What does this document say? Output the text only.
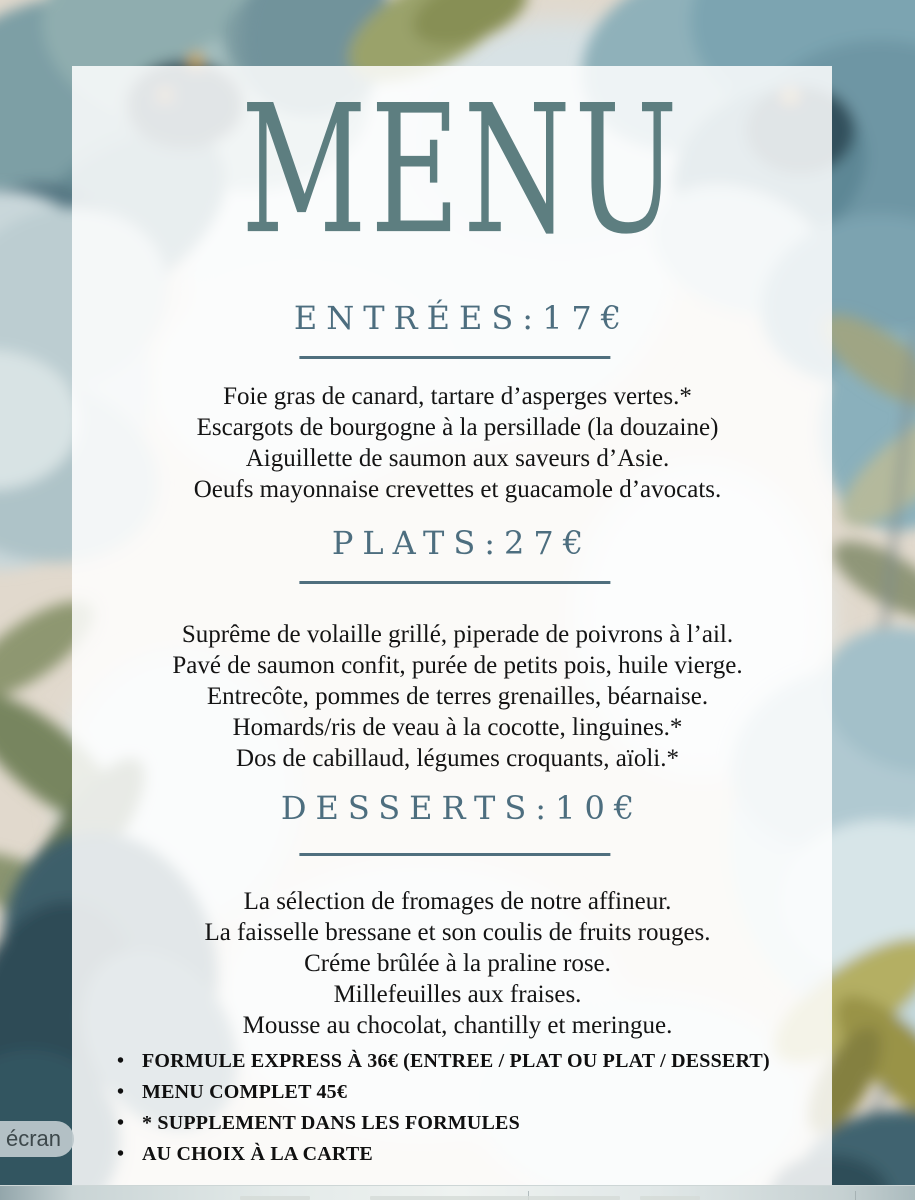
MENU
ENTRÉES:17€
Foie gras de canard, tartare d’asperges vertes.*
Escargots de bourgogne à la persillade (la douzaine)
Aiguillette de saumon aux saveurs d’Asie.
Oeufs mayonnaise crevettes et guacamole d’avocats.
PLATS:27€
Suprême de volaille grillé, piperade de poivrons à l’ail.
Pavé de saumon confit, purée de petits pois, huile vierge.
Entrecôte, pommes de terres grenailles, béarnaise.
Homards/ris de veau à la cocotte, linguines.*
Dos de cabillaud, légumes croquants, aïoli.*
DESSERTS:10€
La sélection de fromages de notre affineur.
La faisselle bressane et son coulis de fruits rouges.
Créme brûlée à la praline rose.
Millefeuilles aux fraises.
Mousse au chocolat, chantilly et meringue.
• FORMULE EXPRESS À 36€ (ENTREE / PLAT OU PLAT / DESSERT)
• MENU COMPLET 45€
• * SUPPLEMENT DANS LES FORMULES
• AU CHOIX À LA CARTE
écran
